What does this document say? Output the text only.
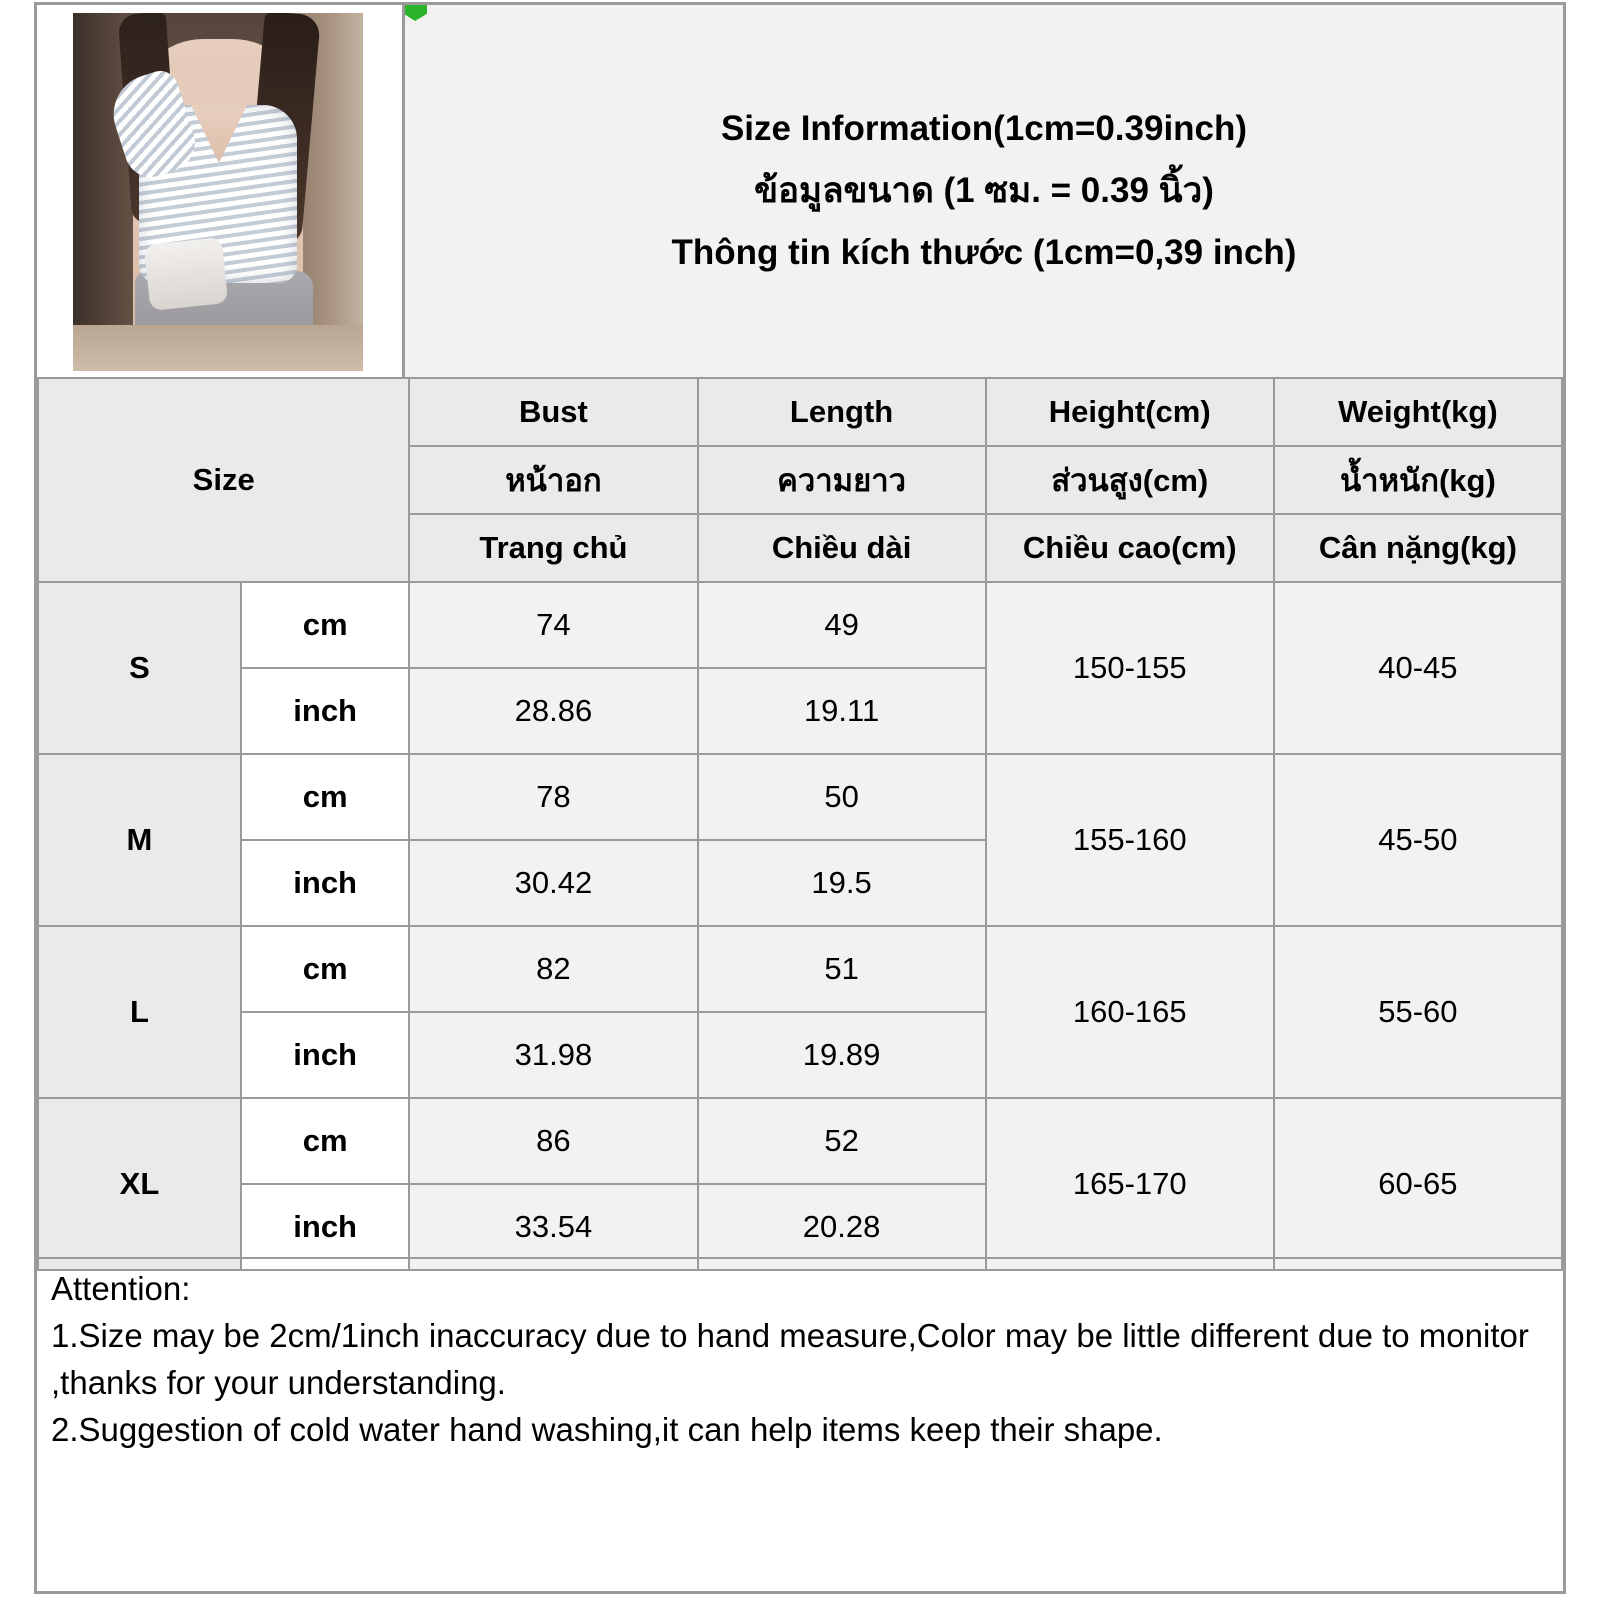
Size Information(1cm=0.39inch)
ข้อมูลขนาด (1 ซม. = 0.39 นิ้ว)
Thông tin kích thước (1cm=0,39 inch)
Size		Bust	Length	Height(cm)	Weight(kg)
		หน้าอก	ความยาว	ส่วนสูง(cm)	น้ำหนัก(kg)
		Trang chủ	Chiều dài	Chiều cao(cm)	Cân nặng(kg)
S	cm	74	49	150-155	40-45
	inch	28.86	19.11		
M	cm	78	50	155-160	45-50
	inch	30.42	19.5		
L	cm	82	51	160-165	55-60
	inch	31.98	19.89		
XL	cm	86	52	165-170	60-65
	inch	33.54	20.28		
Attention:
1.Size may be 2cm/1inch inaccuracy due to hand measure,Color may be little different due to monitor ,thanks for your understanding.
2.Suggestion of cold water hand washing,it can help items keep their shape.
